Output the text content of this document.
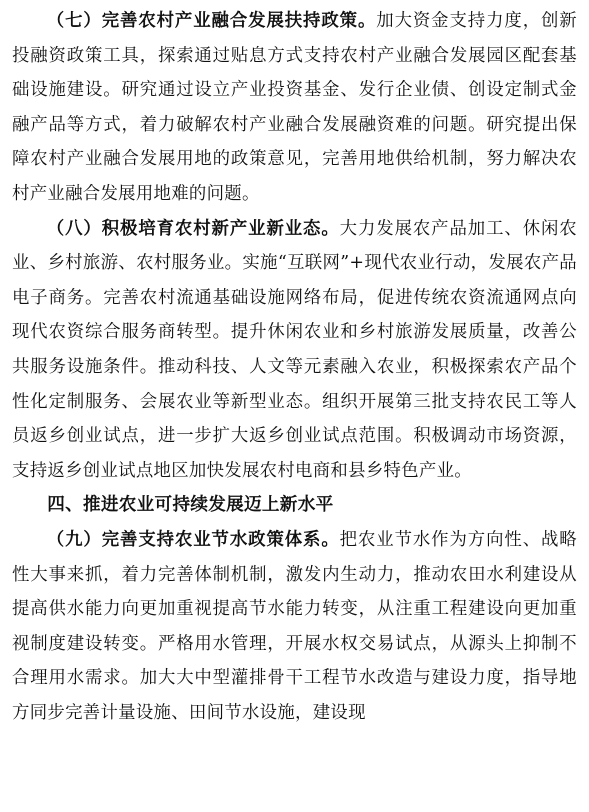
（七）完善农村产业融合发展扶持政策。加大资金支持力度，创新投融资政策工具，探索通过贴息方式支持农村产业融合发展园区配套基础设施建设。研究通过设立产业投资基金、发行企业债、创设定制式金融产品等方式，着力破解农村产业融合发展融资难的问题。研究提出保障农村产业融合发展用地的政策意见，完善用地供给机制，努力解决农村产业融合发展用地难的问题。

（八）积极培育农村新产业新业态。大力发展农产品加工、休闲农业、乡村旅游、农村服务业。实施“互联网”+现代农业行动，发展农产品电子商务。完善农村流通基础设施网络布局，促进传统农资流通网点向现代农资综合服务商转型。提升休闲农业和乡村旅游发展质量，改善公共服务设施条件。推动科技、人文等元素融入农业，积极探索农产品个性化定制服务、会展农业等新型业态。组织开展第三批支持农民工等人员返乡创业试点，进一步扩大返乡创业试点范围。积极调动市场资源，支持返乡创业试点地区加快发展农村电商和县乡特色产业。

四、推进农业可持续发展迈上新水平

（九）完善支持农业节水政策体系。把农业节水作为方向性、战略性大事来抓，着力完善体制机制，激发内生动力，推动农田水利建设从提高供水能力向更加重视提高节水能力转变，从注重工程建设向更加重视制度建设转变。严格用水管理，开展水权交易试点，从源头上抑制不合理用水需求。加大大中型灌排骨干工程节水改造与建设力度，指导地方同步完善计量设施、田间节水设施，建设现
